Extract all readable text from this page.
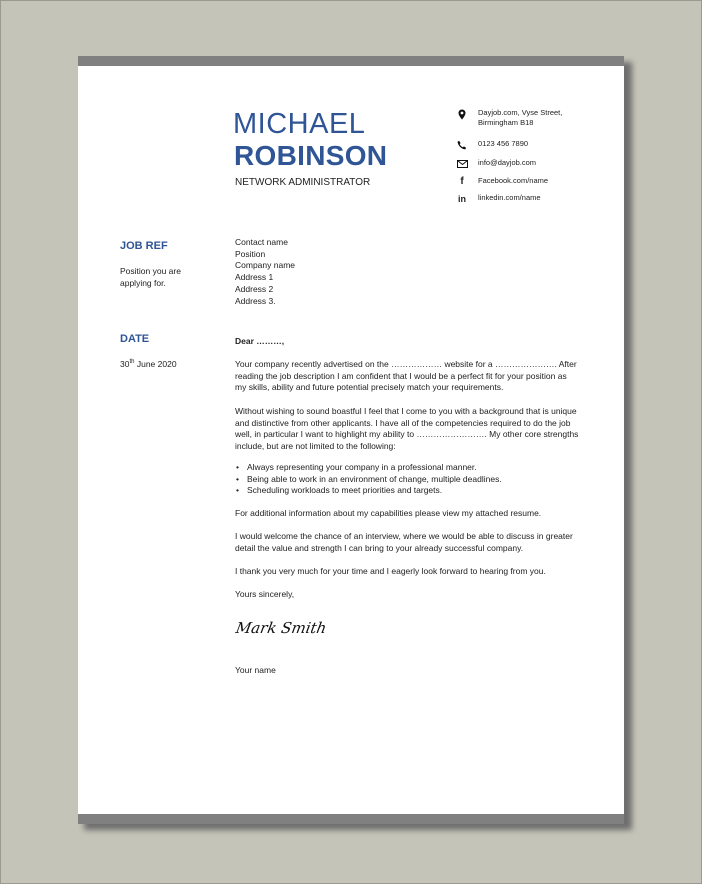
MICHAEL
ROBINSON
NETWORK ADMINISTRATOR
Dayjob.com, Vyse Street,
Birmingham B18
0123 456 7890
info@dayjob.com
f	Facebook.com/name
in linkedin.com/name
JOB REF
Position you are applying for.
DATE
30th June 2020
Contact name
Position
Company name
Address 1
Address 2
Address 3.
Dear ………,
Your company recently advertised on the ……………… website for a …………………. After reading the job description I am confident that I would be a perfect fit for your position as my skills, ability and future potential precisely match your requirements.
Without wishing to sound boastful I feel that I come to you with a background that is unique and distinctive from other applicants. I have all of the competencies required to do the job well, in particular I want to highlight my ability to ……………………. My other core strengths include, but are not limited to the following:
• Always representing your company in a professional manner.
• Being able to work in an environment of change, multiple deadlines.
• Scheduling workloads to meet priorities and targets.
For additional information about my capabilities please view my attached resume.
I would welcome the chance of an interview, where we would be able to discuss in greater detail the value and strength I can bring to your already successful company.
I thank you very much for your time and I eagerly look forward to hearing from you.
Yours sincerely,
Mark Smith
Your name
